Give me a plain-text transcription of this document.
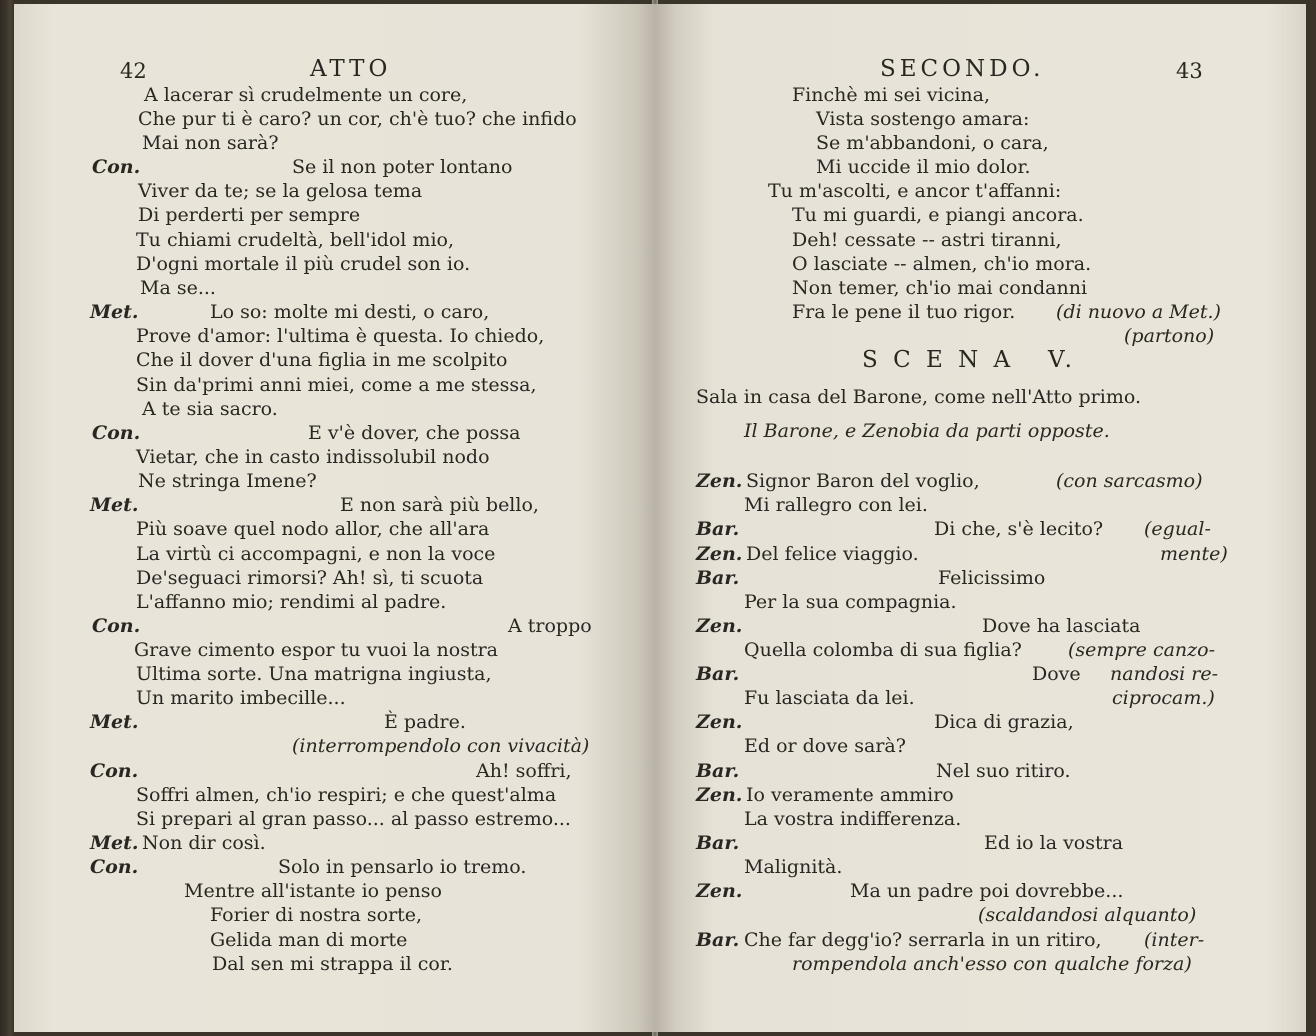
42	ATTO
A lacerar sì crudelmente un core,
Che pur ti è caro? un cor, ch'è tuo? che infido
Mai non sarà?
Con.	Se il non poter lontano
Viver da te; se la gelosa tema
Di perderti per sempre
Tu chiami crudeltà, bell'idol mio,
D'ogni mortale il più crudel son io.
Ma se...
Met.	Lo so: molte mi desti, o caro,
Prove d'amor: l'ultima è questa. Io chiedo,
Che il dover d'una figlia in me scolpito
Sin da'primi anni miei, come a me stessa,
A te sia sacro.
Con.	E v'è dover, che possa
Vietar, che in casto indissolubil nodo
Ne stringa Imene?
Met.	E non sarà più bello,
Più soave quel nodo allor, che all'ara
La virtù ci accompagni, e non la voce
De'seguaci rimorsi? Ah! sì, ti scuota
L'affanno mio; rendimi al padre.
Con.	A troppo
Grave cimento espor tu vuoi la nostra
Ultima sorte. Una matrigna ingiusta,
Un marito imbecille...
Met.	È padre.
(interrompendolo con vivacità)
Con.	Ah! soffri,
Soffri almen, ch'io respiri; e che quest'alma
Si prepari al gran passo... al passo estremo...
Met. Non dir così.
Con.	Solo in pensarlo io tremo.
Mentre all'istante io penso
Forier di nostra sorte,
Gelida man di morte
Dal sen mi strappa il cor.
SECONDO.	43
Finchè mi sei vicina,
Vista sostengo amara:
Se m'abbandoni, o cara,
Mi uccide il mio dolor.
Tu m'ascolti, e ancor t'affanni:
Tu mi guardi, e piangi ancora.
Deh! cessate -- astri tiranni,
O lasciate -- almen, ch'io mora.
Non temer, ch'io mai condanni
Fra le pene il tuo rigor. (di nuovo a Met.)
(partono)
S C E N A   V.
Sala in casa del Barone, come nell'Atto primo.
Il Barone, e Zenobia da parti opposte.
Zen. Signor Baron del voglio,	(con sarcasmo)
Mi rallegro con lei.
Bar.	Di che, s'è lecito? (egual-
Zen. Del felice viaggio.	mente)
Bar.	Felicissimo
Per la sua compagnia.
Zen.	Dove ha lasciata
Quella colomba di sua figlia? (sempre canzo-
Bar.	Dove nandosi re-
Fu lasciata da lei.	ciprocam.)
Zen.	Dica di grazia,
Ed or dove sarà?
Bar.	Nel suo ritiro.
Zen. Io veramente ammiro
La vostra indifferenza.
Bar.	Ed io la vostra
Malignità.
Zen.	Ma un padre poi dovrebbe...
(scaldandosi alquanto)
Bar. Che far degg'io? serrarla in un ritiro, (inter-
rompendola anch'esso con qualche forza)
